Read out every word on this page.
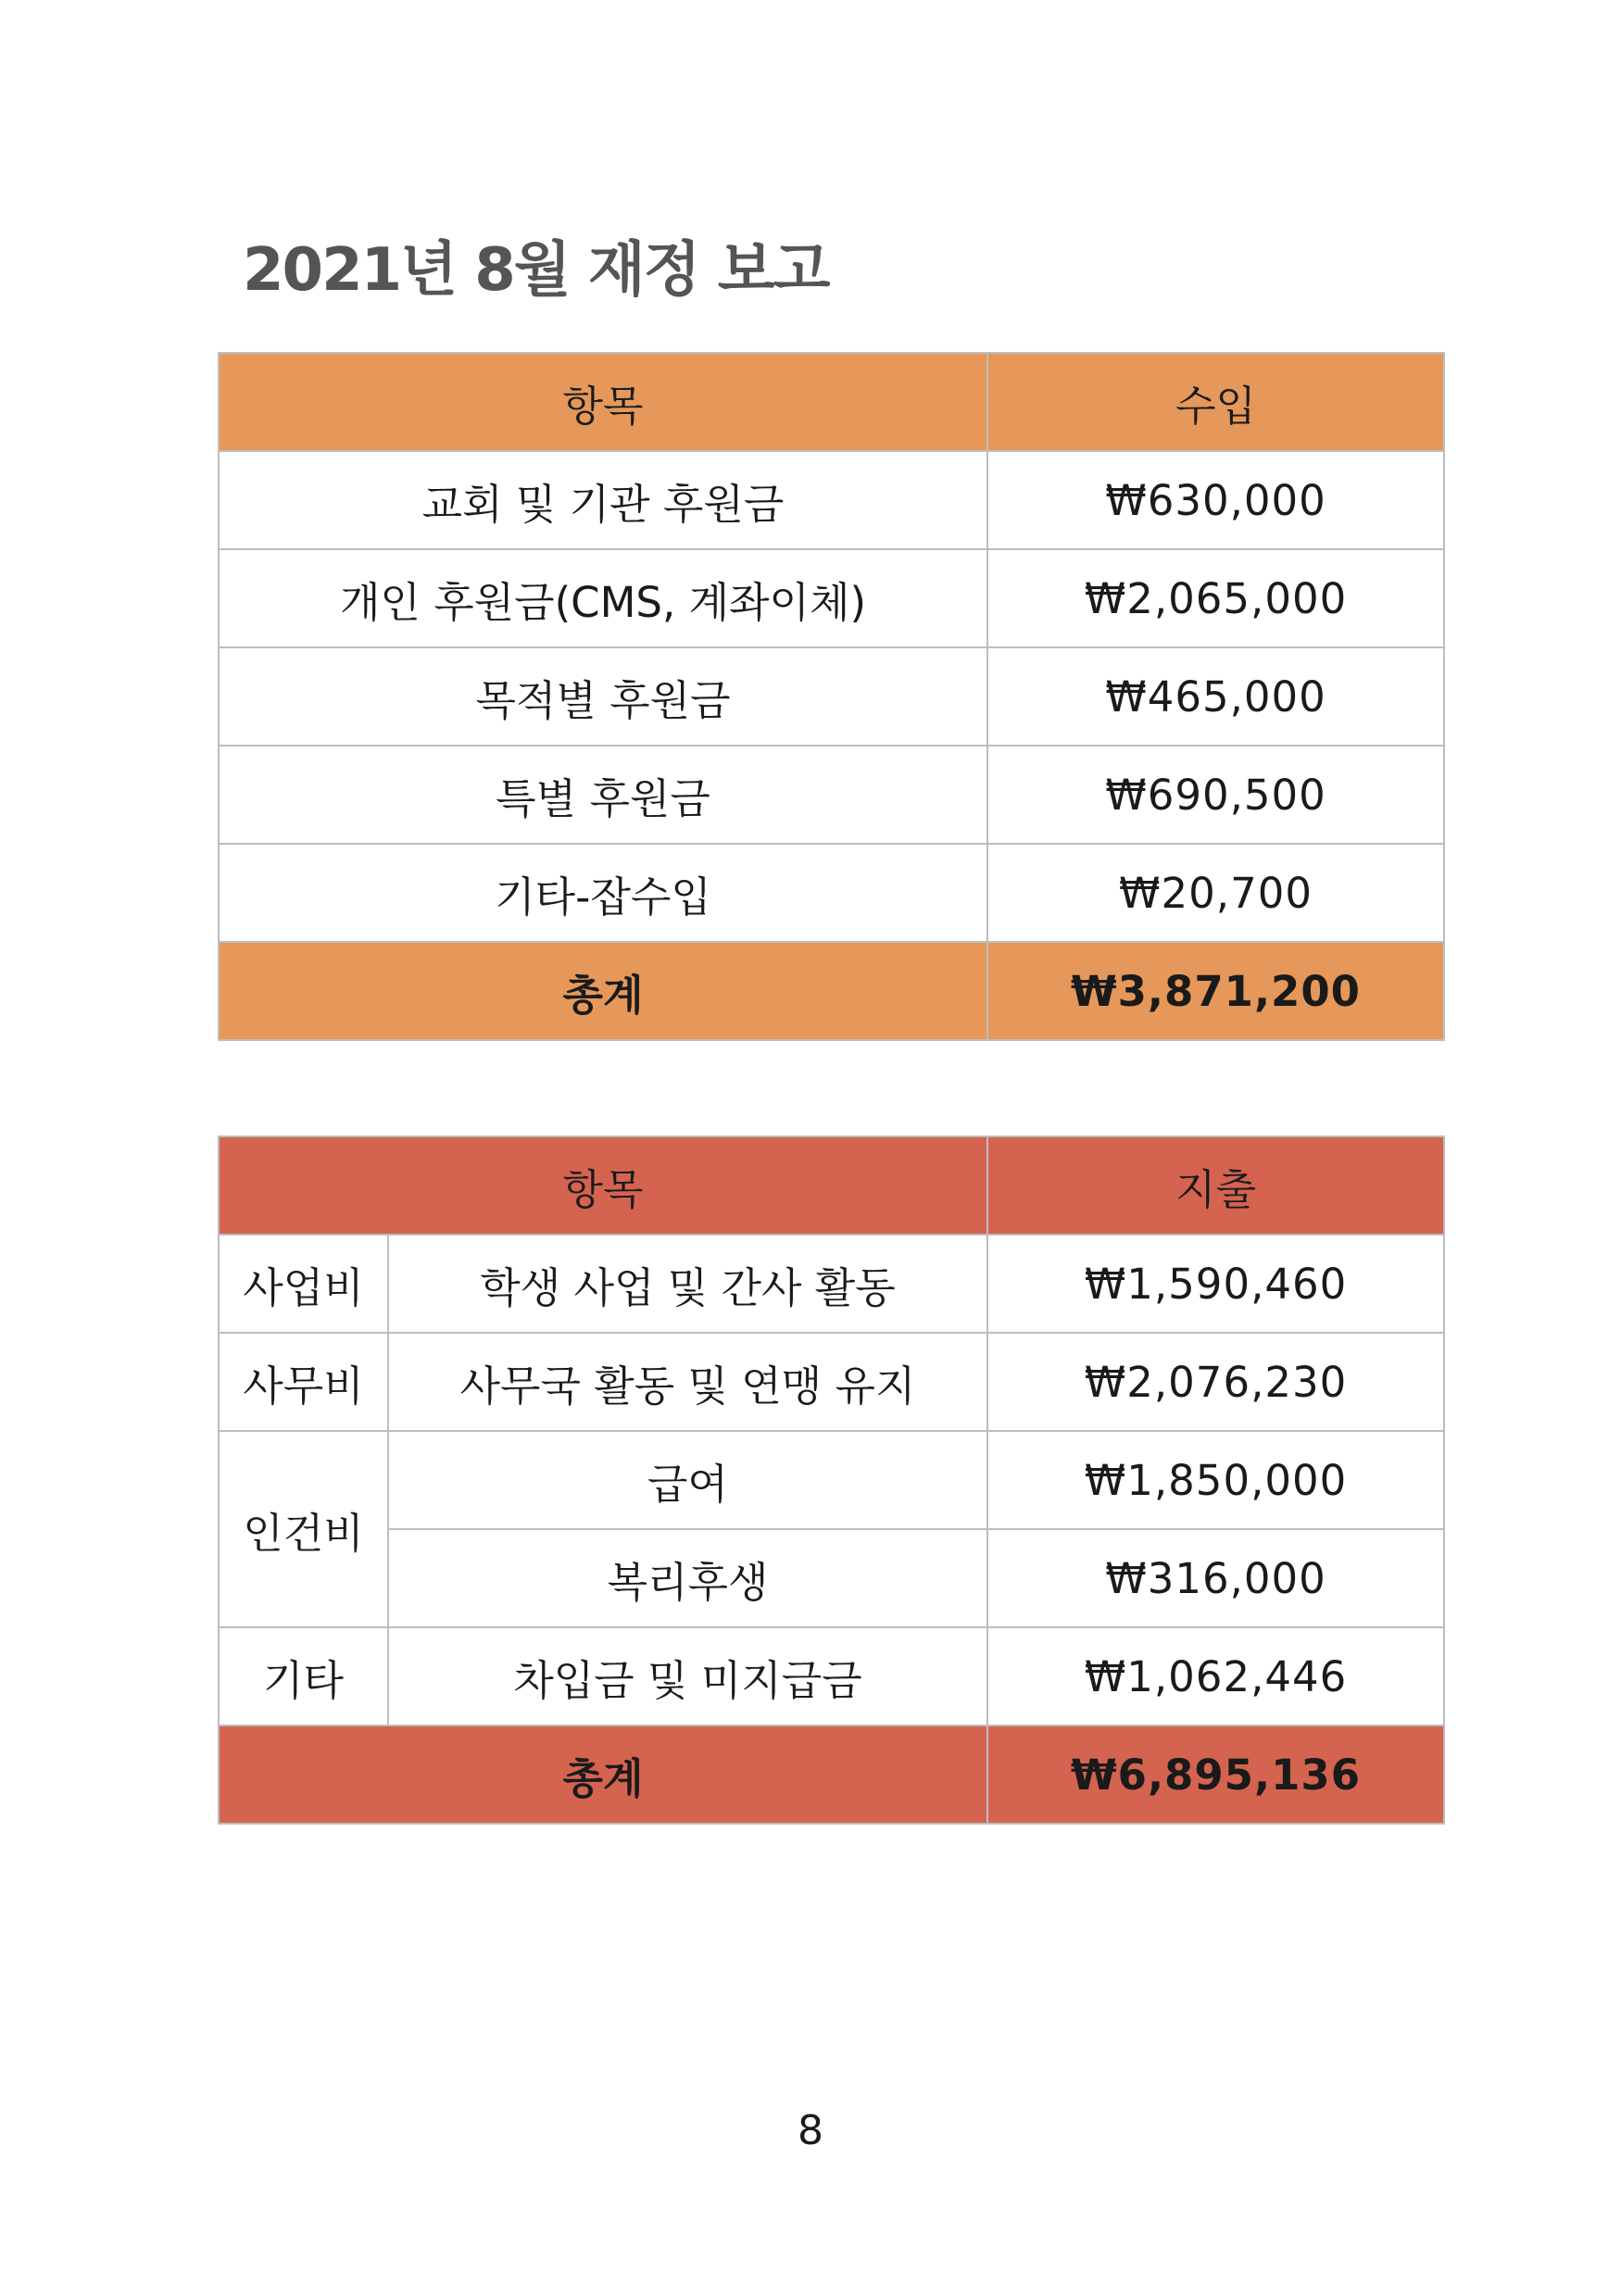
2021년 8월 재정 보고
항목	수입
교회 및 기관 후원금	₩630,000
개인 후원금(CMS, 계좌이체)	₩2,065,000
목적별 후원금	₩465,000
특별 후원금	₩690,500
기타-잡수입	₩20,700
총계	₩3,871,200
항목		지출
사업비	학생 사업 및 간사 활동	₩1,590,460
사무비	사무국 활동 및 연맹 유지	₩2,076,230
인건비	급여	₩1,850,000
	복리후생	₩316,000
기타	차입금 및 미지급금	₩1,062,446
총계		₩6,895,136
8
